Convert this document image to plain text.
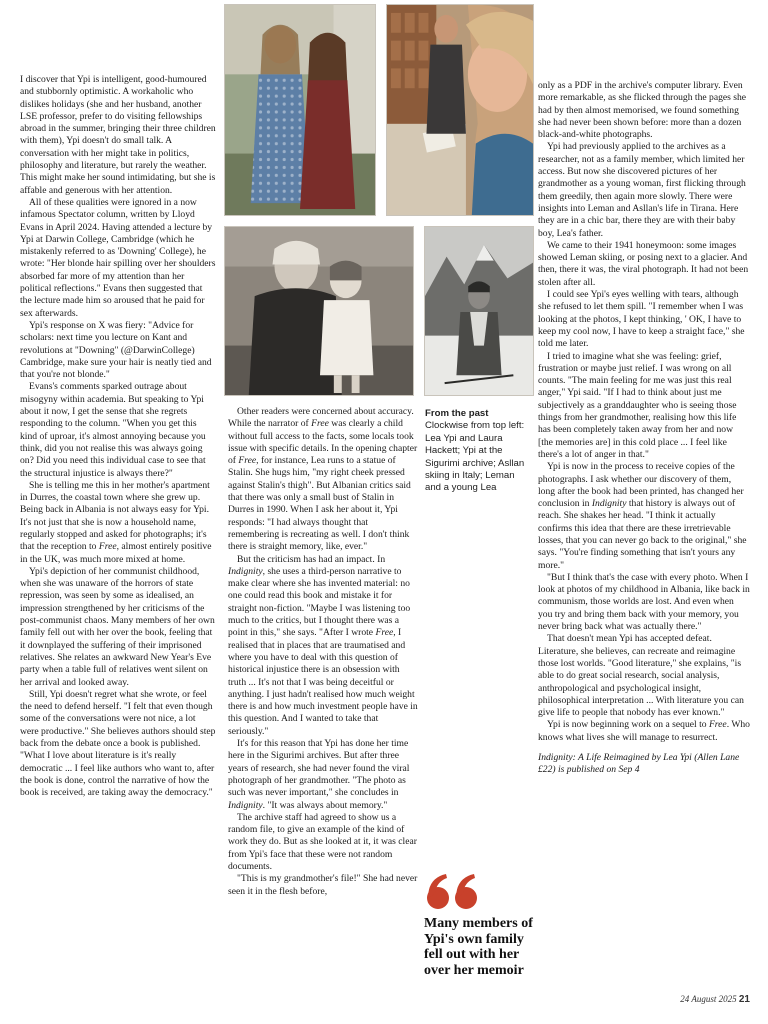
I discover that Ypi is intelligent, good-humoured and stubbornly optimistic. A workaholic who dislikes holidays (she and her husband, another LSE professor, prefer to do visiting fellowships abroad in the summer, bringing their three children with them), Ypi doesn't do small talk. A conversation with her might take in politics, philosophy and literature, but rarely the weather. This might make her sound intimidating, but she is affable and generous with her attention.

All of these qualities were ignored in a now infamous Spectator column, written by Lloyd Evans in April 2024. Having attended a lecture by Ypi at Darwin College, Cambridge (which he mistakenly referred to as 'Downing' College), he wrote: "Her blonde hair spilling over her shoulders absorbed far more of my attention than her political reflections." Evans then suggested that the lecture made him so aroused that he paid for sex afterwards.

Ypi's response on X was fiery: "Advice for scholars: next time you lecture on Kant and revolutions at "Downing" (@DarwinCollege) Cambridge, make sure your hair is neatly tied and that you're not blonde."

Evans's comments sparked outrage about misogyny within academia. But speaking to Ypi about it now, I get the sense that she regrets responding to the column. "When you get this kind of uproar, it's almost annoying because you think, did you not realise this was always going on? Did you need this individual case to see that the structural injustice is always there?"

She is telling me this in her mother's apartment in Durres, the coastal town where she grew up. Being back in Albania is not always easy for Ypi. It's not just that she is now a household name, regularly stopped and asked for photographs; it's that the reception to Free, almost entirely positive in the UK, was much more mixed at home.

Ypi's depiction of her communist childhood, when she was unaware of the horrors of state repression, was seen by some as idealised, an impression strengthened by her criticisms of the post-communist chaos. Many members of her own family fell out with her over the book, feeling that it downplayed the suffering of their imprisoned relatives. She relates an awkward New Year's Eve party when a table full of relatives went silent on her arrival and looked away.

Still, Ypi doesn't regret what she wrote, or feel the need to defend herself. "I felt that even though some of the conversations were not nice, a lot were productive." She believes authors should step back from the debate once a book is published. "What I love about literature is it's really democratic ... I feel like authors who want to, after the book is done, control the narrative of how the book is received, are taking away the democracy."

Other readers were concerned about accuracy. While the narrator of Free was clearly a child without full access to the facts, some locals took issue with specific details. In the opening chapter of Free, for instance, Lea runs to a statue of Stalin. She hugs him, "my right cheek pressed against Stalin's thigh". But Albanian critics said that there was only a small bust of Stalin in Durres in 1990. When I ask her about it, Ypi responds: "I had always thought that remembering is recreating as well. I don't think there is straight memory, like, ever."

But the criticism has had an impact. In Indignity, she uses a third-person narrative to make clear where she has invented material: no one could read this book and mistake it for straight non-fiction. "Maybe I was listening too much to the critics, but I thought there was a point in this," she says. "After I wrote Free, I realised that in places that are traumatised and where you have to deal with this question of historical injustice there is an obsession with truth ... It's not that I was being deceitful or anything. I just hadn't realised how much weight there is and how much investment people have in this question. And I wanted to take that seriously."

It's for this reason that Ypi has done her time here in the Sigurimi archives. But after three years of research, she had never found the viral photograph of her grandmother. "The photo as such was never important," she concludes in Indignity. "It was always about memory."

The archive staff had agreed to show us a random file, to give an example of the kind of work they do. But as she looked at it, it was clear from Ypi's face that these were not random documents.

"This is my grandmother's file!" She had never seen it in the flesh before,

From the past
Clockwise from top left: Lea Ypi and Laura Hackett; Ypi at the Sigurimi archive; Asllan skiing in Italy; Leman and a young Lea
Many members of Ypi's own family fell out with her over her memoir

only as a PDF in the archive's computer library. Even more remarkable, as she flicked through the pages she had by then almost memorised, we found something she had never been shown before: more than a dozen black-and-white photographs.

Ypi had previously applied to the archives as a researcher, not as a family member, which limited her access. But now she discovered pictures of her grandmother as a young woman, first flicking through them greedily, then again more slowly. There were insights into Leman and Asllan's life in Tirana. Here they are in a chic bar, there they are with their baby boy, Lea's father.

We came to their 1941 honeymoon: some images showed Leman skiing, or posing next to a glacier. And then, there it was, the viral photograph. It had not been stolen after all.

I could see Ypi's eyes welling with tears, although she refused to let them spill. "I remember when I was looking at the photos, I kept thinking, ' OK, I have to keep my cool now, I have to keep a straight face," she told me later.

I tried to imagine what she was feeling: grief, frustration or maybe just relief. I was wrong on all counts. "The main feeling for me was just this real anger," Ypi said. "If I had to think about just me subjectively as a granddaughter who is seeing those things from her grandmother, realising how this life has been completely taken away from her and now [the memories are] in this cold place ... I feel like there's a lot of anger in that."

Ypi is now in the process to receive copies of the photographs. I ask whether our discovery of them, long after the book had been printed, has changed her conclusion in Indignity that history is always out of reach. She shakes her head. "I think it actually confirms this idea that there are these irretrievable losses, that you can never go back to the original," she says. "You're finding something that isn't yours any more."

"But I think that's the case with every photo. When I look at photos of my childhood in Albania, like back in communism, those worlds are lost. And even when you try and bring them back with your memory, you never bring back what was actually there."

That doesn't mean Ypi has accepted defeat. Literature, she believes, can recreate and reimagine those lost worlds. "Good literature," she explains, "is able to do great social research, social analysis, anthropological and psychological insight, philosophical interpretation ... With literature you can give life to people that nobody has ever known."

Ypi is now beginning work on a sequel to Free. Who knows what lives she will manage to resurrect.

Indignity: A Life Reimagined by Lea Ypi (Allen Lane £22) is published on Sep 4

24 August 2025 21
